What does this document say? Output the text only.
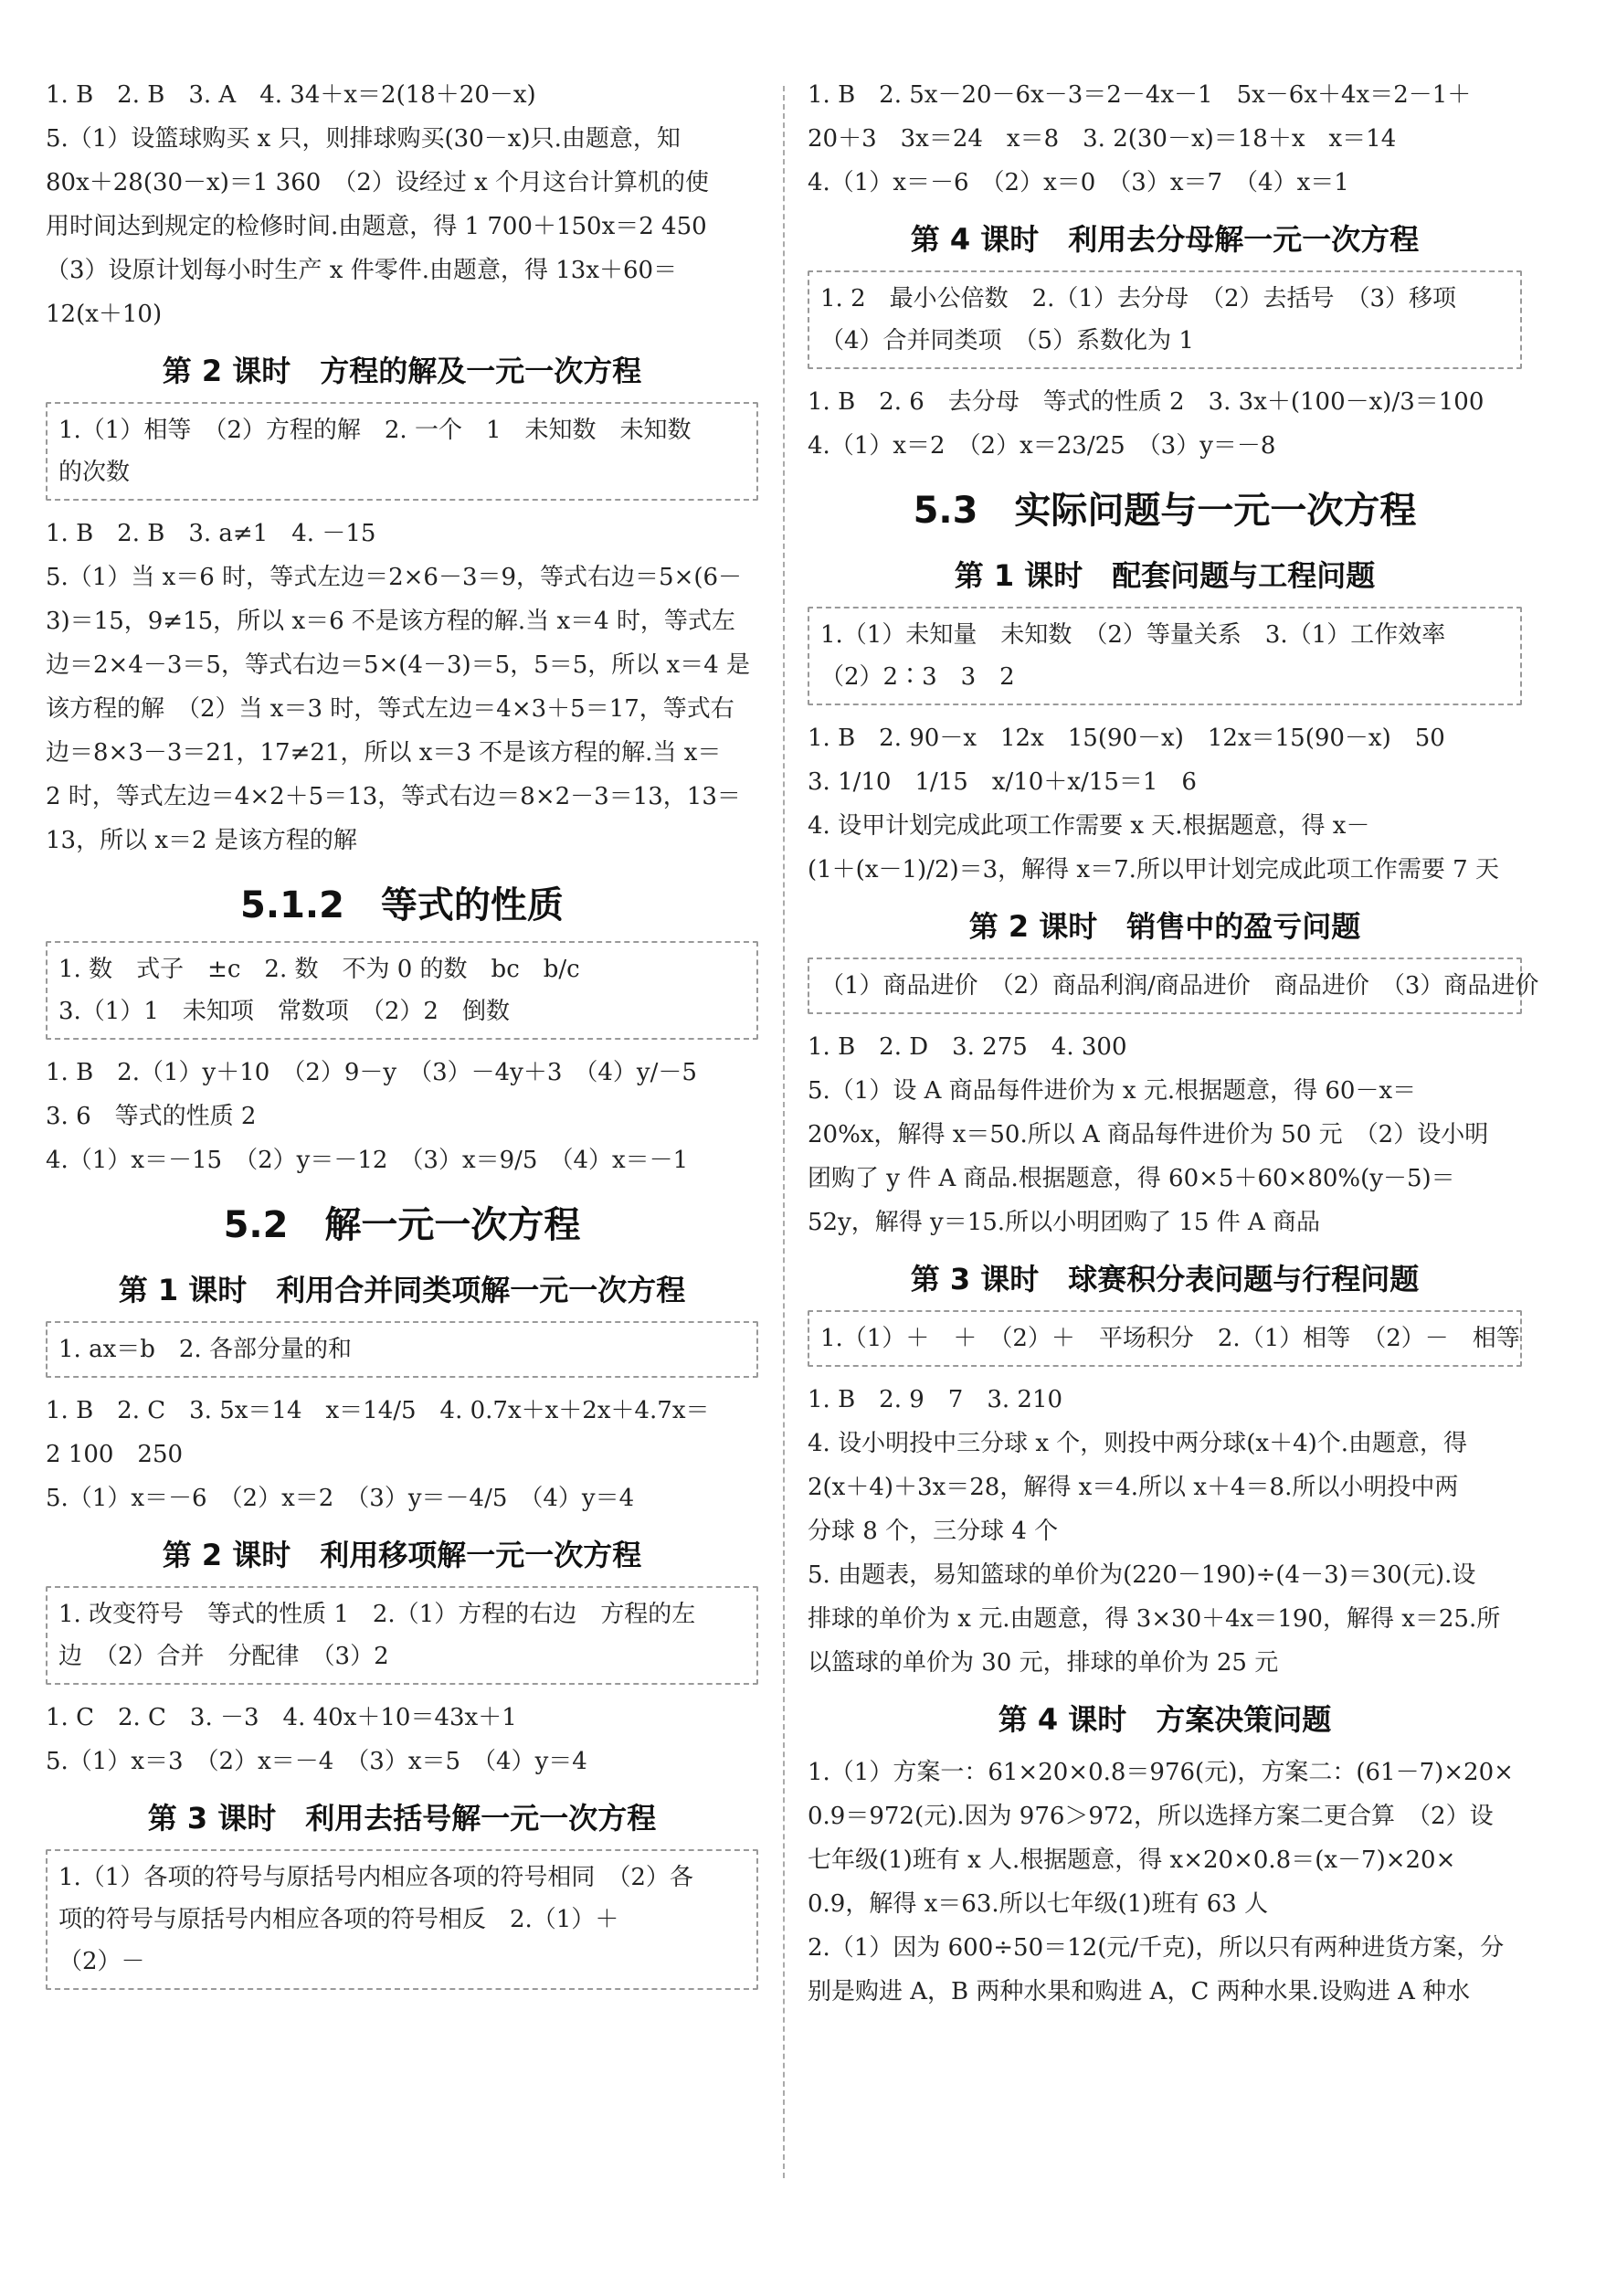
1. B　2. B　3. A　4. 34＋x＝2(18＋20－x)

5.（1）设篮球购买 x 只，则排球购买(30－x)只.由题意，知

80x＋28(30－x)＝1 360　（2）设经过 x 个月这台计算机的使

用时间达到规定的检修时间.由题意，得 1 700＋150x＝2 450

（3）设原计划每小时生产 x 件零件.由题意，得 13x＋60＝

12(x＋10)

第 2 课时　方程的解及一元一次方程

1.（1）相等　（2）方程的解　2. 一个　1　未知数　未知数

的次数

1. B　2. B　3. a≠1　4. －15

5.（1）当 x＝6 时，等式左边＝2×6－3＝9，等式右边＝5×(6－

3)＝15，9≠15，所以 x＝6 不是该方程的解.当 x＝4 时，等式左

边＝2×4－3＝5，等式右边＝5×(4－3)＝5，5＝5，所以 x＝4 是

该方程的解　（2）当 x＝3 时，等式左边＝4×3＋5＝17，等式右

边＝8×3－3＝21，17≠21，所以 x＝3 不是该方程的解.当 x＝

2 时，等式左边＝4×2＋5＝13，等式右边＝8×2－3＝13，13＝

13，所以 x＝2 是该方程的解

5.1.2　等式的性质

1. 数　式子　±c　2. 数　不为 0 的数　bc　b/c

3.（1）1　未知项　常数项　（2）2　倒数

1. B　2.（1）y＋10　（2）9－y　（3）－4y＋3　（4）y/－5

3. 6　等式的性质 2

4.（1）x＝－15　（2）y＝－12　（3）x＝9/5　（4）x＝－1

5.2　解一元一次方程
第 1 课时　利用合并同类项解一元一次方程

1. ax＝b　2. 各部分量的和

1. B　2. C　3. 5x＝14　x＝14/5　4. 0.7x＋x＋2x＋4.7x＝

2 100　250

5.（1）x＝－6　（2）x＝2　（3）y＝－4/5　（4）y＝4

第 2 课时　利用移项解一元一次方程

1. 改变符号　等式的性质 1　2.（1）方程的右边　方程的左

边　（2）合并　分配律　（3）2

1. C　2. C　3. －3　4. 40x＋10＝43x＋1

5.（1）x＝3　（2）x＝－4　（3）x＝5　（4）y＝4

第 3 课时　利用去括号解一元一次方程

1.（1）各项的符号与原括号内相应各项的符号相同　（2）各

项的符号与原括号内相应各项的符号相反　2.（1）＋

（2）－

1. B　2. 5x－20－6x－3＝2－4x－1　5x－6x＋4x＝2－1＋

20＋3　3x＝24　x＝8　3. 2(30－x)＝18＋x　x＝14

4.（1）x＝－6　（2）x＝0　（3）x＝7　（4）x＝1

第 4 课时　利用去分母解一元一次方程

1. 2　最小公倍数　2.（1）去分母　（2）去括号　（3）移项

（4）合并同类项　（5）系数化为 1

1. B　2. 6　去分母　等式的性质 2　3. 3x＋(100－x)/3＝100

4.（1）x＝2　（2）x＝23/25　（3）y＝－8

5.3　实际问题与一元一次方程
第 1 课时　配套问题与工程问题

1.（1）未知量　未知数　（2）等量关系　3.（1）工作效率

（2）2∶3　3　2

1. B　2. 90－x　12x　15(90－x)　12x＝15(90－x)　50

3. 1/10　1/15　x/10＋x/15＝1　6

4. 设甲计划完成此项工作需要 x 天.根据题意，得 x－

(1＋(x－1)/2)＝3，解得 x＝7.所以甲计划完成此项工作需要 7 天

第 2 课时　销售中的盈亏问题

（1）商品进价　（2）商品利润/商品进价　商品进价　（3）商品进价

1. B　2. D　3. 275　4. 300

5.（1）设 A 商品每件进价为 x 元.根据题意，得 60－x＝

20%x，解得 x＝50.所以 A 商品每件进价为 50 元　（2）设小明

团购了 y 件 A 商品.根据题意，得 60×5＋60×80%(y－5)＝

52y，解得 y＝15.所以小明团购了 15 件 A 商品

第 3 课时　球赛积分表问题与行程问题

1.（1）＋　＋　（2）＋　平场积分　2.（1）相等　（2）－　相等

1. B　2. 9　7　3. 210

4. 设小明投中三分球 x 个，则投中两分球(x＋4)个.由题意，得

2(x＋4)＋3x＝28，解得 x＝4.所以 x＋4＝8.所以小明投中两

分球 8 个，三分球 4 个

5. 由题表，易知篮球的单价为(220－190)÷(4－3)＝30(元).设

排球的单价为 x 元.由题意，得 3×30＋4x＝190，解得 x＝25.所

以篮球的单价为 30 元，排球的单价为 25 元

第 4 课时　方案决策问题

1.（1）方案一：61×20×0.8＝976(元)，方案二：(61－7)×20×

0.9＝972(元).因为 976＞972，所以选择方案二更合算　（2）设

七年级(1)班有 x 人.根据题意，得 x×20×0.8＝(x－7)×20×

0.9，解得 x＝63.所以七年级(1)班有 63 人

2.（1）因为 600÷50＝12(元/千克)，所以只有两种进货方案，分

别是购进 A，B 两种水果和购进 A，C 两种水果.设购进 A 种水
